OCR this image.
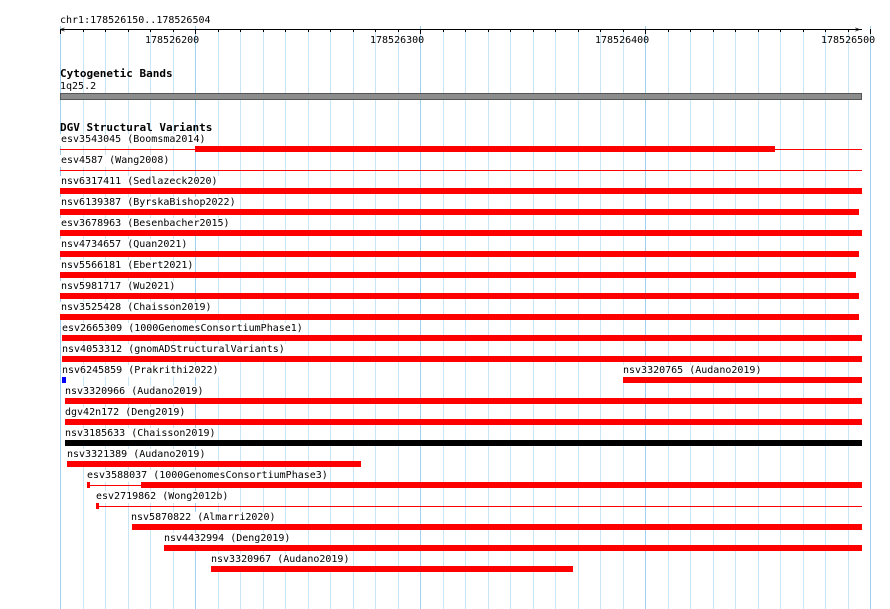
chr1:178526150..178526504
<	>
178526200	178526300	178526400	178526500
Cytogenetic Bands
1q25.2
DGV Structural Variants
esv3543045 (Boomsma2014)
esv4587 (Wang2008)
nsv6317411 (Sedlazeck2020)
nsv6139387 (ByrskaBishop2022)
esv3678963 (Besenbacher2015)
nsv4734657 (Quan2021)
nsv5566181 (Ebert2021)
nsv5981717 (Wu2021)
nsv3525428 (Chaisson2019)
esv2665309 (1000GenomesConsortiumPhase1)
nsv4053312 (gnomADStructuralVariants)
nsv6245859 (Prakrithi2022)	nsv3320765 (Audano2019)
nsv3320966 (Audano2019)
dgv42n172 (Deng2019)
nsv3185633 (Chaisson2019)
nsv3321389 (Audano2019)
esv3588037 (1000GenomesConsortiumPhase3)
esv2719862 (Wong2012b)
nsv5870822 (Almarri2020)
nsv4432994 (Deng2019)
nsv3320967 (Audano2019)
